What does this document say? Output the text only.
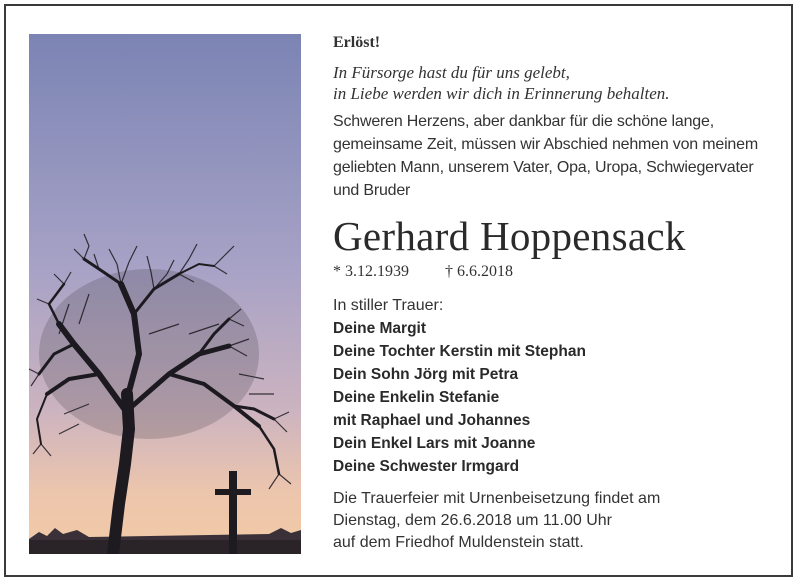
Erlöst!

In Fürsorge hast du für uns gelebt,
in Liebe werden wir dich in Erinnerung behalten.
Schweren Herzens, aber dankbar für die schöne lange, gemeinsame Zeit, müssen wir Abschied nehmen von meinem geliebten Mann, unserem Vater, Opa, Uropa, Schwiegervater und Bruder
Gerhard Hoppensack
* 3.12.1939 † 6.6.2018
In stiller Trauer:
Deine Margit
Deine Tochter Kerstin mit Stephan
Dein Sohn Jörg mit Petra
Deine Enkelin Stefanie
mit Raphael und Johannes
Dein Enkel Lars mit Joanne
Deine Schwester Irmgard
Die Trauerfeier mit Urnenbeisetzung findet am
Dienstag, dem 26.6.2018 um 11.00 Uhr
auf dem Friedhof Muldenstein statt.
